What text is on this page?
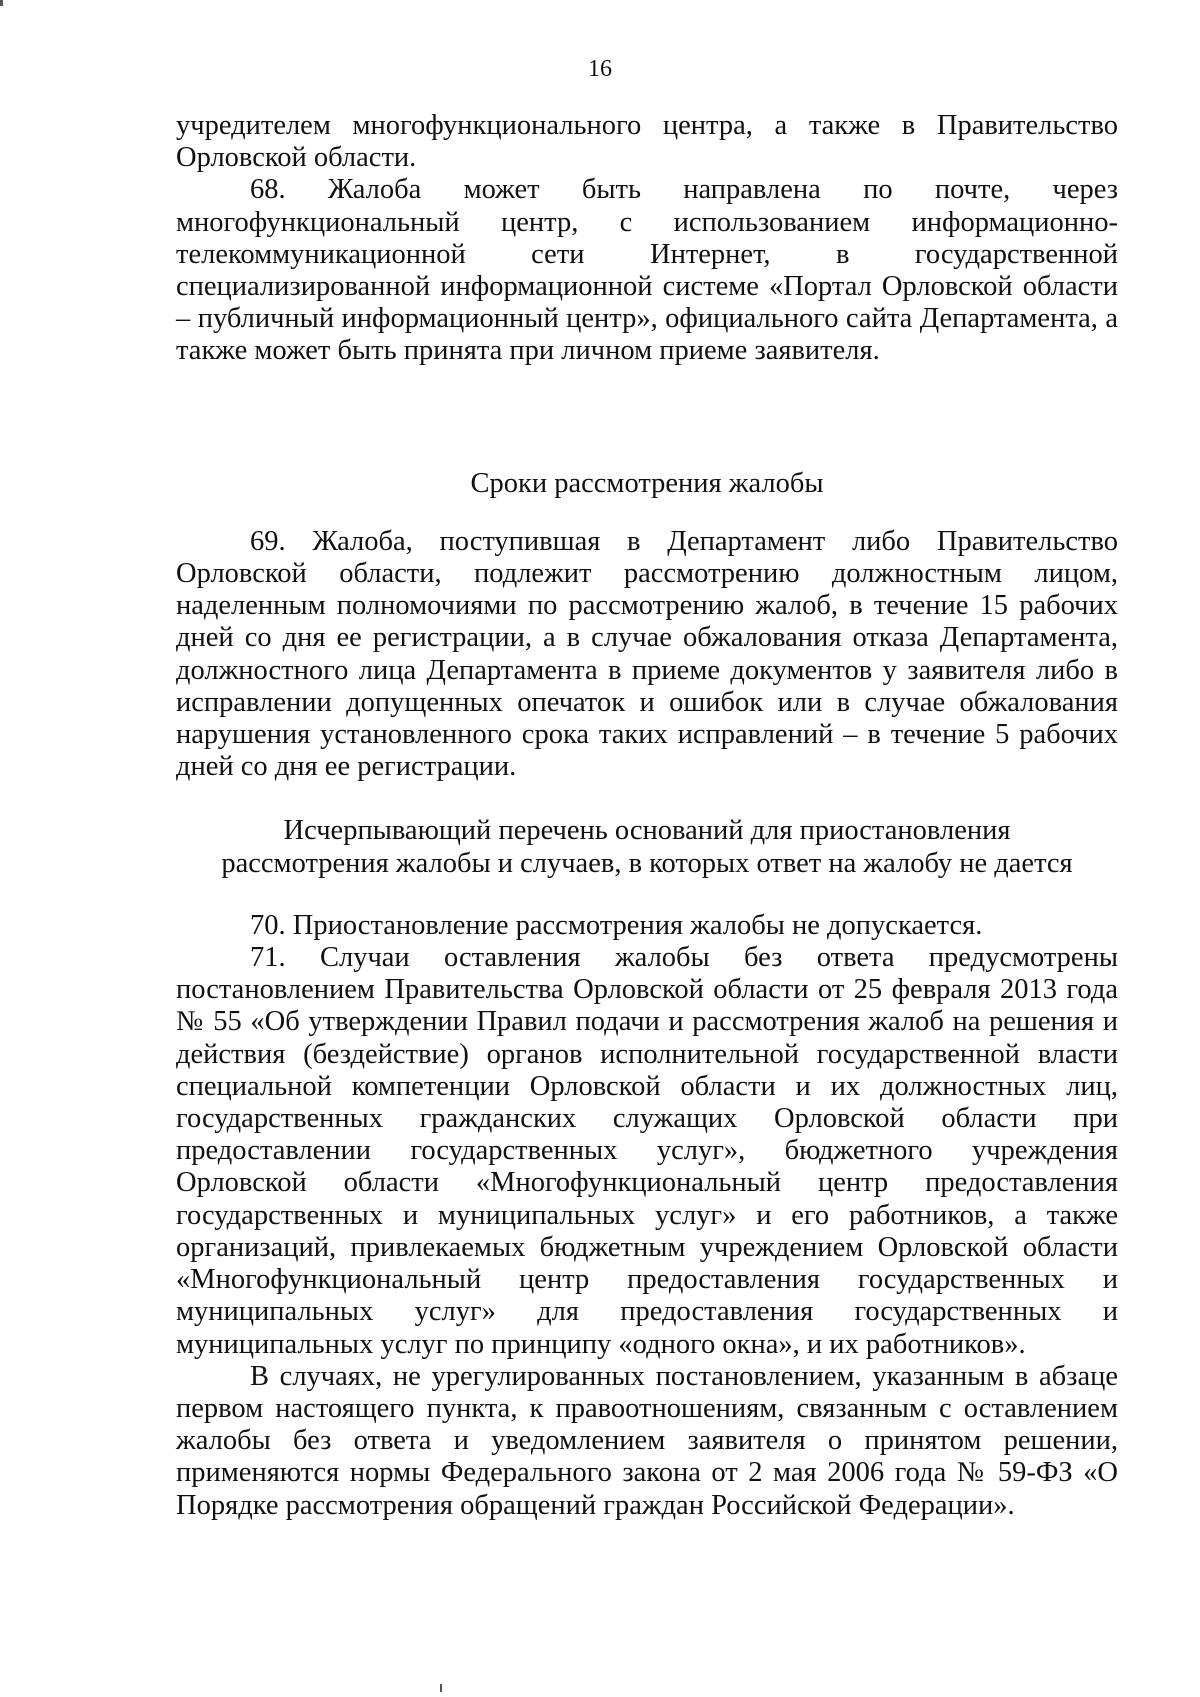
16

учредителем многофункционального центра, а также в Правительство Орловской области.

68. Жалоба может быть направлена по почте, через многофункциональный центр, с использованием информационно-телекоммуникационной сети Интернет, в государственной специализированной информационной системе «Портал Орловской области – публичный информационный центр», официального сайта Департамента, а также может быть принята при личном приеме заявителя.

Сроки рассмотрения жалобы

69. Жалоба, поступившая в Департамент либо Правительство Орловской области, подлежит рассмотрению должностным лицом, наделенным полномочиями по рассмотрению жалоб, в течение 15 рабочих дней со дня ее регистрации, а в случае обжалования отказа Департамента, должностного лица Департамента в приеме документов у заявителя либо в исправлении допущенных опечаток и ошибок или в случае обжалования нарушения установленного срока таких исправлений – в течение 5 рабочих дней со дня ее регистрации.

Исчерпывающий перечень оснований для приостановления
рассмотрения жалобы и случаев, в которых ответ на жалобу не дается

70. Приостановление рассмотрения жалобы не допускается.

71. Случаи оставления жалобы без ответа предусмотрены постановлением Правительства Орловской области от 25 февраля 2013 года № 55 «Об утверждении Правил подачи и рассмотрения жалоб на решения и действия (бездействие) органов исполнительной государственной власти специальной компетенции Орловской области и их должностных лиц, государственных гражданских служащих Орловской области при предоставлении государственных услуг», бюджетного учреждения Орловской области «Многофункциональный центр предоставления государственных и муниципальных услуг» и его работников, а также организаций, привлекаемых бюджетным учреждением Орловской области «Многофункциональный центр предоставления государственных и муниципальных услуг» для предоставления государственных и муниципальных услуг по принципу «одного окна», и их работников».

В случаях, не урегулированных постановлением, указанным в абзаце первом настоящего пункта, к правоотношениям, связанным с оставлением жалобы без ответа и уведомлением заявителя о принятом решении, применяются нормы Федерального закона от 2 мая 2006 года № 59-ФЗ «О Порядке рассмотрения обращений граждан Российской Федерации».
